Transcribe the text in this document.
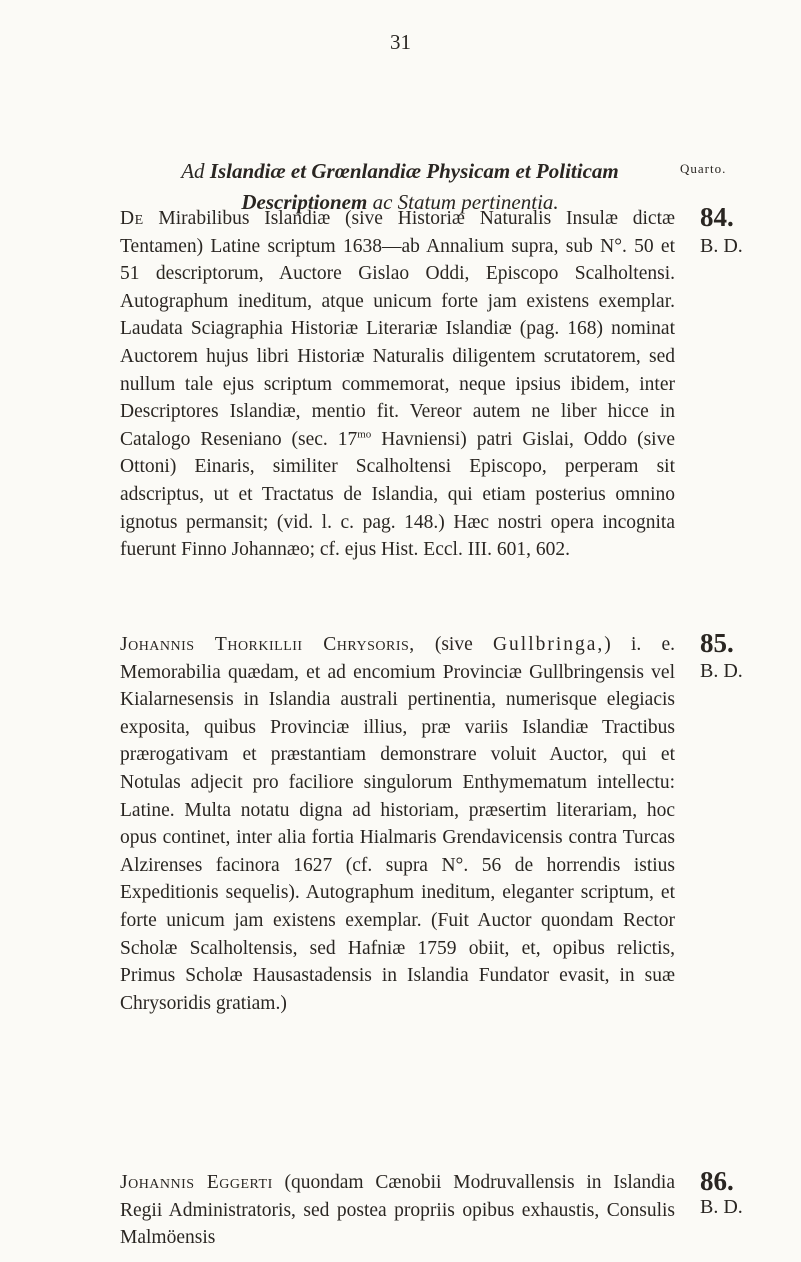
31
Ad Islandiæ et Grœnlandiæ Physicam et Politicam Descriptionem ac Statum pertinentia.
Quarto.
De Mirabilibus Islandiæ (sive Historiæ Naturalis Insulæ dictæ Tentamen) Latine scriptum 1638—ab Annalium supra, sub N°. 50 et 51 descriptorum, Auctore Gislao Oddi, Episcopo Scalholtensi. Autographum ineditum, atque unicum forte jam existens exemplar. Laudata Sciagraphia Historiæ Literariæ Islandiæ (pag. 168) nominat Auctorem hujus libri Historiæ Naturalis diligentem scrutatorem, sed nullum tale ejus scriptum commemorat, neque ipsius ibidem, inter Descriptores Islandiæ, mentio fit. Vereor autem ne liber hicce in Catalogo Reseniano (sec. $17^{mo}$ Havniensi) patri Gislai, Oddo (sive Ottoni) Einaris, similiter Scalholtensi Episcopo, perperam sit adscriptus, ut et Tractatus de Islandia, qui etiam posterius omnino ignotus permansit; (vid. l. c. pag. 148.) Hæc nostri opera incognita fuerunt Finno Johannæo; cf. ejus Hist. Eccl. III. 601, 602.
84.
B. D.
Johannis Thorkillii Chrysoris, (sive Gullbringa,) i. e. Memorabilia quædam, et ad encomium Provinciæ Gullbringensis vel Kialarnesensis in Islandia australi pertinentia, numerisque elegiacis exposita, quibus Provinciæ illius, præ variis Islandiæ Tractibus prærogativam et præstantiam demonstrare voluit Auctor, qui et Notulas adjecit pro faciliore singulorum Enthymematum intellectu: Latine. Multa notatu digna ad historiam, præsertim literariam, hoc opus continet, inter alia fortia Hialmaris Grendavicensis contra Turcas Alzirenses facinora 1627 (cf. supra N°. 56 de horrendis istius Expeditionis sequelis). Autographum ineditum, eleganter scriptum, et forte unicum jam existens exemplar. (Fuit Auctor quondam Rector Scholæ Scalholtensis, sed Hafniæ 1759 obiit, et, opibus relictis, Primus Scholæ Hausastadensis in Islandia Fundator evasit, in suæ Chrysoridis gratiam.)
85.
B. D.
Johannis Eggerti (quondam Cænobii Modruvallensis in Islandia Regii Administratoris, sed postea propriis opibus exhaustis, Consulis Malmöensis
86.
B. D.
